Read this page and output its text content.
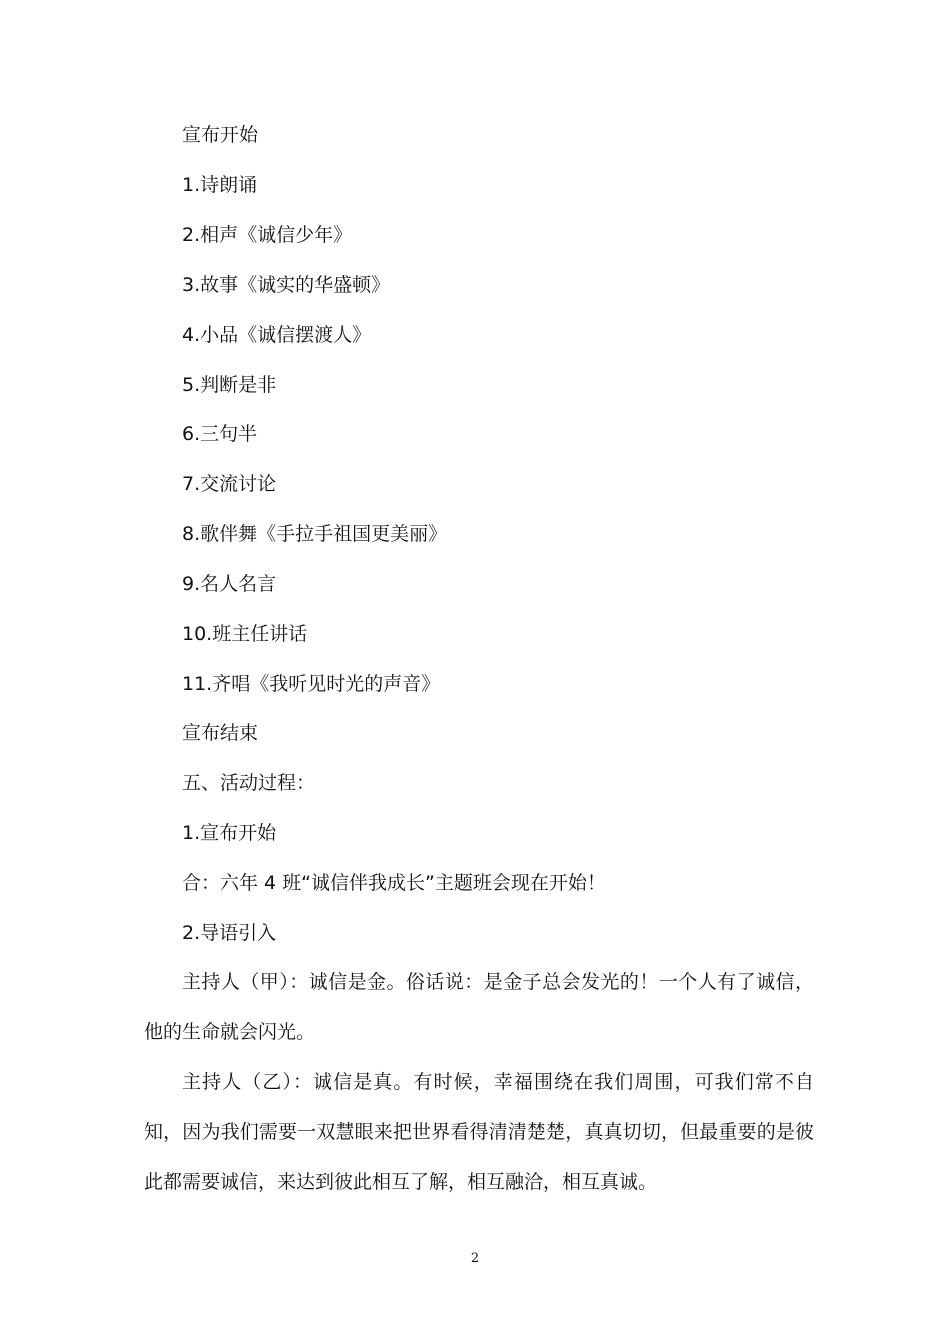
宣布开始
1.诗朗诵
2.相声《诚信少年》
3.故事《诚实的华盛顿》
4.小品《诚信摆渡人》
5.判断是非
6.三句半
7.交流讨论
8.歌伴舞《手拉手祖国更美丽》
9.名人名言
10.班主任讲话
11.齐唱《我听见时光的声音》
宣布结束
五、活动过程：
1.宣布开始
合：六年 4 班“诚信伴我成长”主题班会现在开始！
2.导语引入

主持人（甲）：诚信是金。俗话说：是金子总会发光的！一个人有了诚信，他的生命就会闪光。

主持人（乙）：诚信是真。有时候，幸福围绕在我们周围，可我们常不自知，因为我们需要一双慧眼来把世界看得清清楚楚，真真切切，但最重要的是彼此都需要诚信，来达到彼此相互了解，相互融洽，相互真诚。

2
